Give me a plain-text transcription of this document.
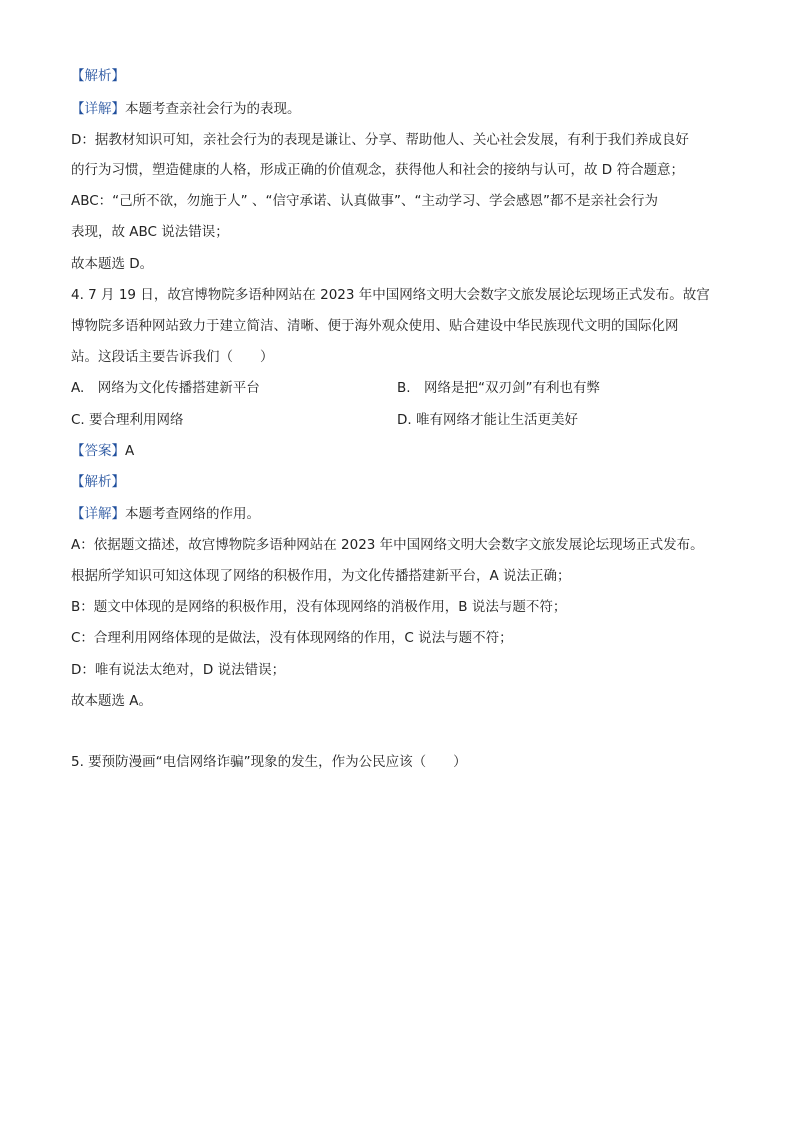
【解析】
【详解】本题考查亲社会行为的表现。
D：据教材知识可知，亲社会行为的表现是谦让、分享、帮助他人、关心社会发展，有利于我们养成良好
的行为习惯，塑造健康的人格，形成正确的价值观念，获得他人和社会的接纳与认可，故 D 符合题意；
ABC：“己所不欲，勿施于人” 、“信守承诺、认真做事”、“主动学习、学会感恩”都不是亲社会行为
表现，故 ABC 说法错误；
故本题选 D。
4. 7 月 19 日，故宫博物院多语种网站在 2023 年中国网络文明大会数字文旅发展论坛现场正式发布。故宫
博物院多语种网站致力于建立简洁、清晰、便于海外观众使用、贴合建设中华民族现代文明的国际化网
站。这段话主要告诉我们（　　）
A.　网络为文化传播搭建新平台	B.　网络是把“双刃剑”有利也有弊
C. 要合理利用网络	D. 唯有网络才能让生活更美好
【答案】A
【解析】
【详解】本题考查网络的作用。
A：依据题文描述，故宫博物院多语种网站在 2023 年中国网络文明大会数字文旅发展论坛现场正式发布。
根据所学知识可知这体现了网络的积极作用，为文化传播搭建新平台，A 说法正确；
B：题文中体现的是网络的积极作用，没有体现网络的消极作用，B 说法与题不符；
C：合理利用网络体现的是做法，没有体现网络的作用，C 说法与题不符；
D：唯有说法太绝对，D 说法错误；
故本题选 A。
5. 要预防漫画“电信网络诈骗”现象的发生，作为公民应该（　　）
